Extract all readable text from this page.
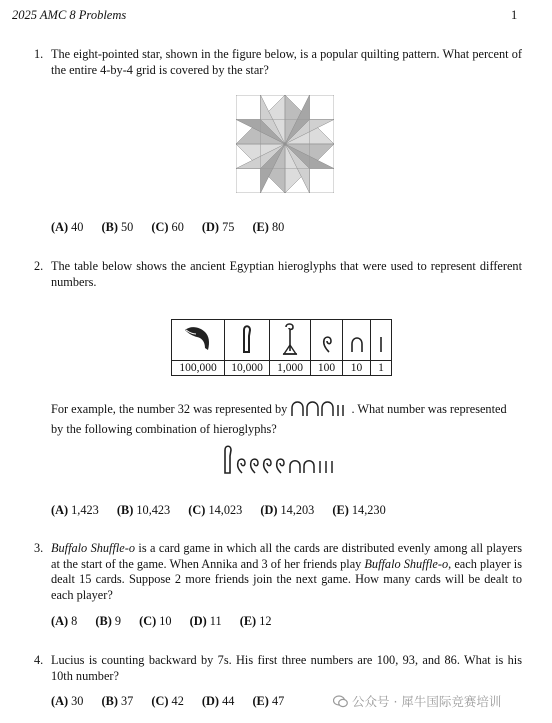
2025 AMC 8 Problems	1
1. The eight-pointed star, shown in the figure below, is a popular quilting pattern. What percent of the entire 4-by-4 grid is covered by the star?
(A) 40 (B) 50 (C) 60 (D) 75 (E) 80
2. The table below shows the ancient Egyptian hieroglyphs that were used to represent different numbers.

100,000	10,000	1,000	100	10	1
For example, the number 32 was represented by	. What number was represented
by the following combination of hieroglyphs?
(A) 1,423 (B) 10,423 (C) 14,023 (D) 14,203 (E) 14,230
3. Buffalo Shuffle-o is a card game in which all the cards are distributed evenly among all players at the start of the game. When Annika and 3 of her friends play Buffalo Shuffle-o, each player is dealt 15 cards. Suppose 2 more friends join the next game. How many cards will be dealt to each player?
(A) 8 (B) 9 (C) 10 (D) 11 (E) 12
4. Lucius is counting backward by 7s. His first three numbers are 100, 93, and 86. What is his 10th number?
(A) 30 (B) 37 (C) 42 (D) 44 (E) 47	公众号 · 犀牛国际竞赛培训
